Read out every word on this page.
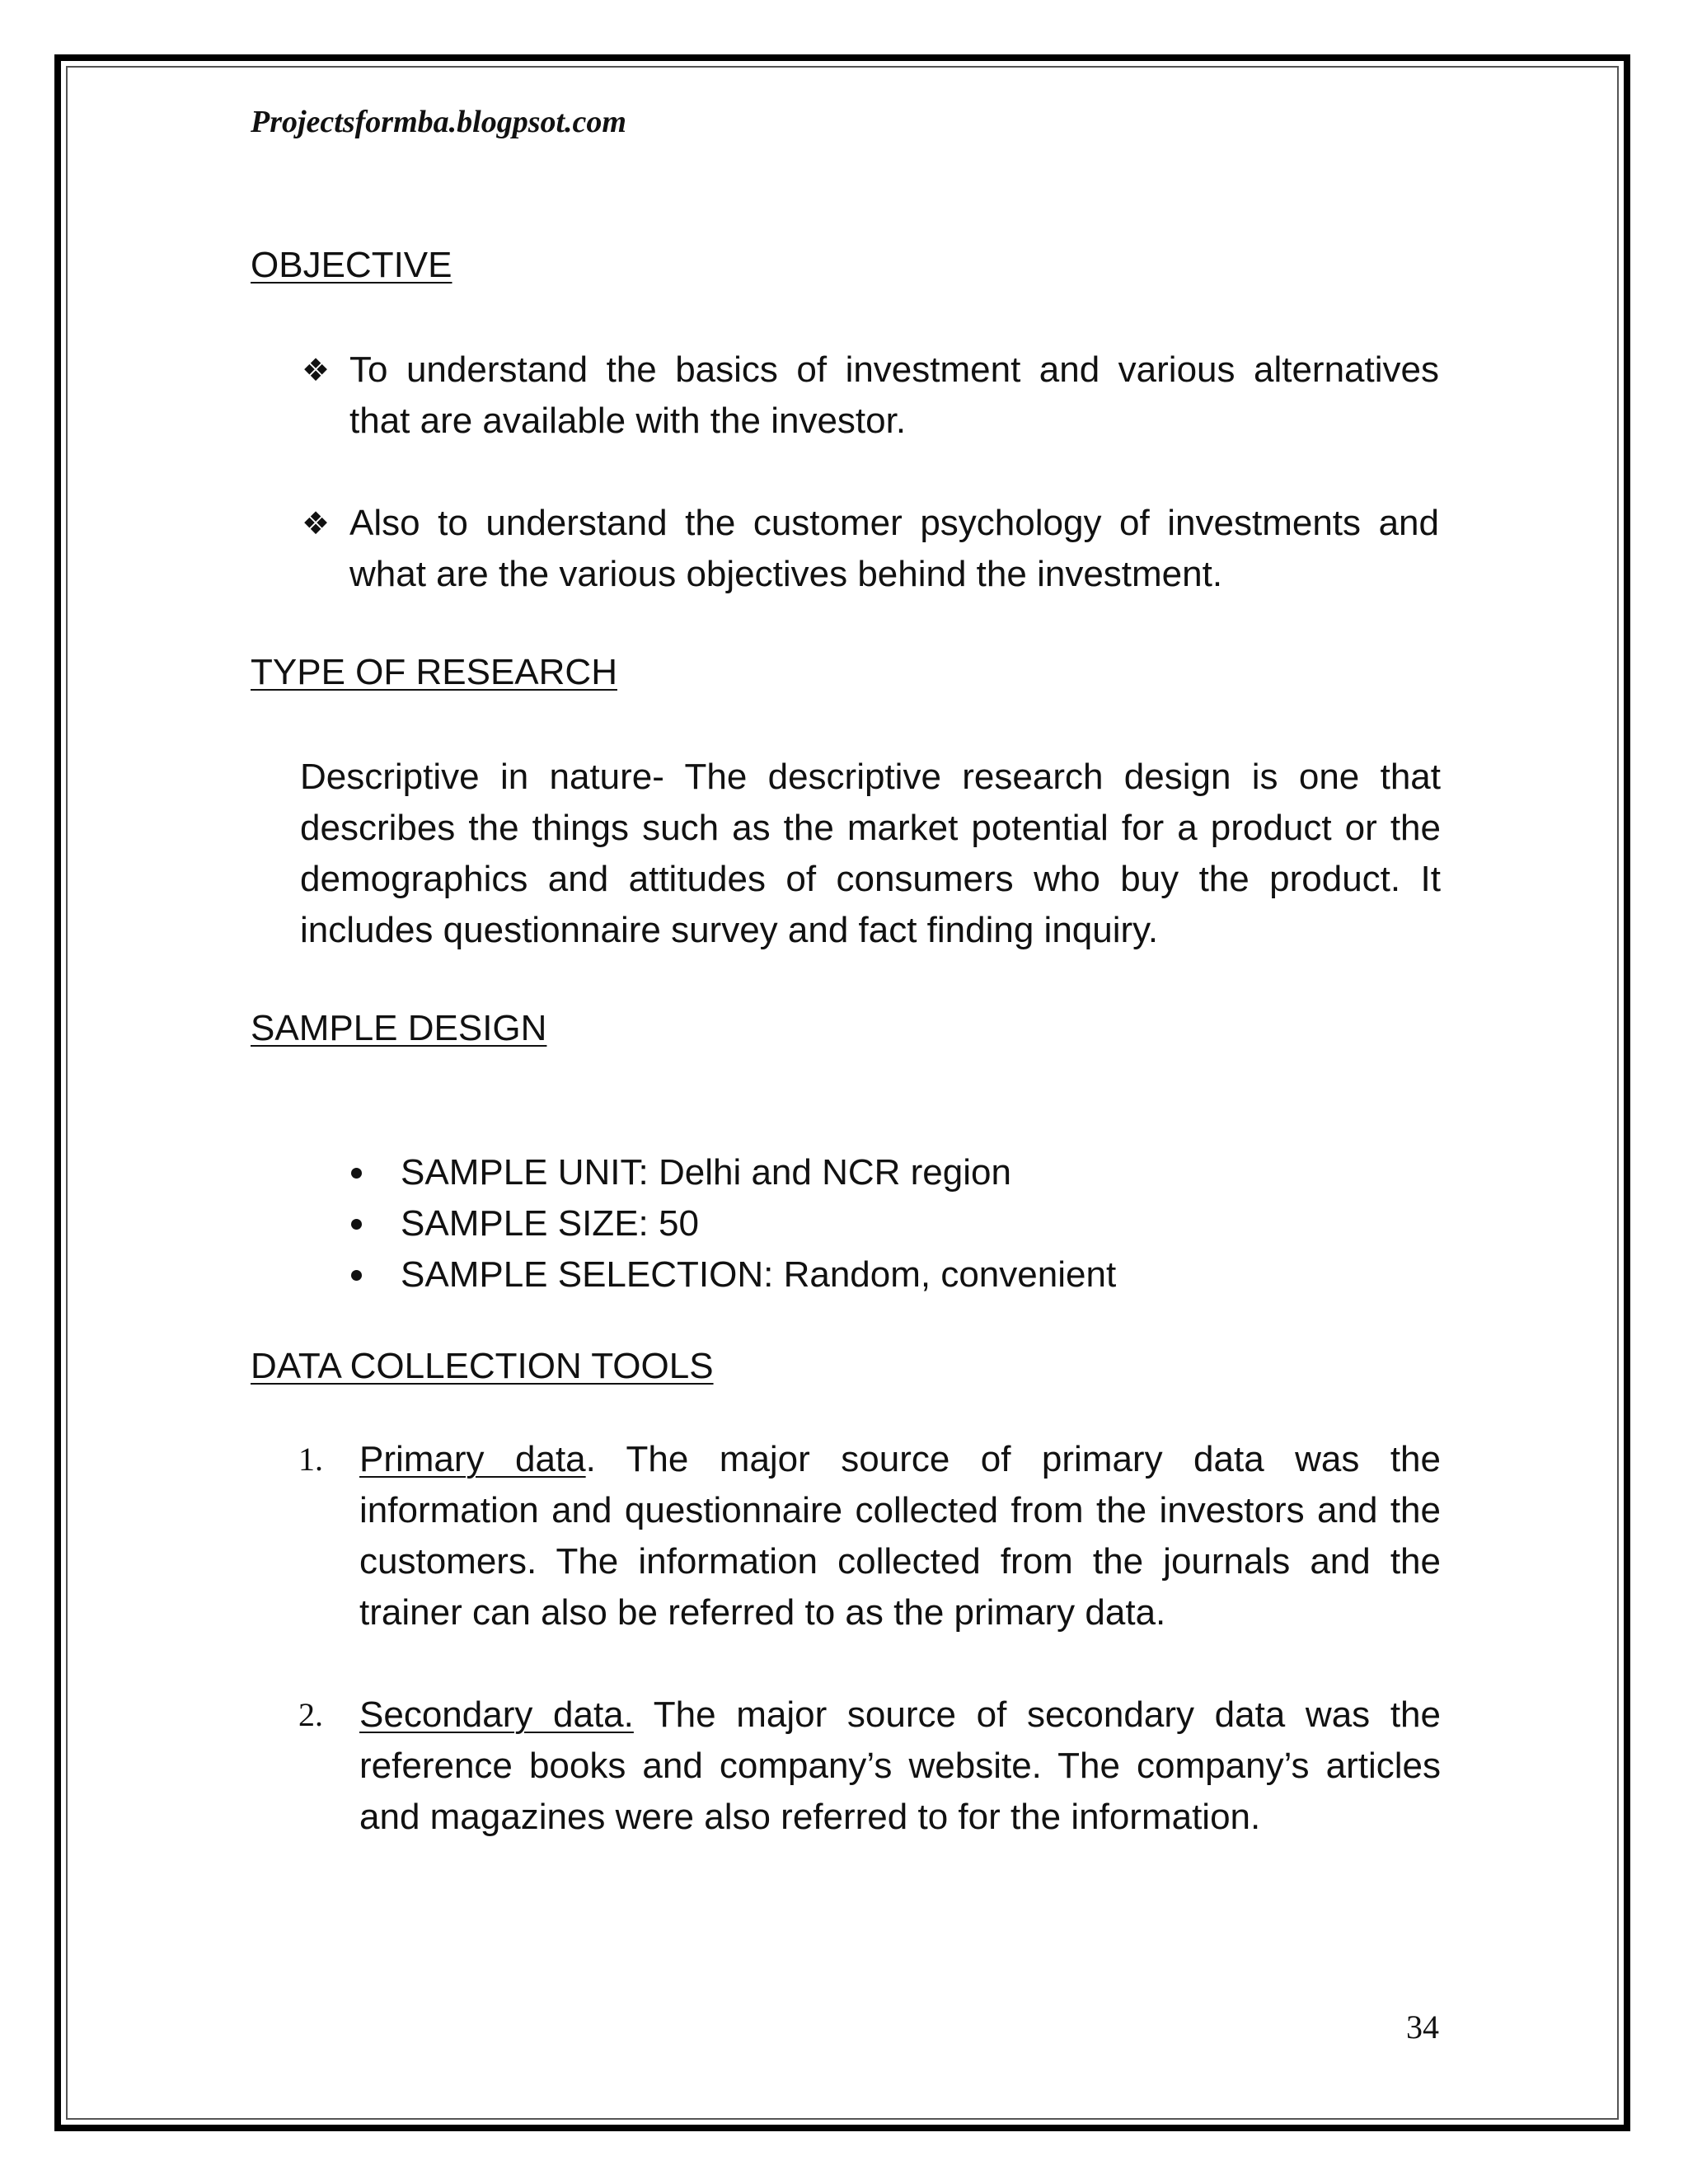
Projectsformba.blogpsot.com

OBJECTIVE
❖ To understand the basics of investment and various alternatives that are available with the investor.
❖ Also to understand the customer psychology of investments and what are the various objectives behind the investment.
TYPE OF RESEARCH

Descriptive in nature- The descriptive research design is one that describes the things such as the market potential for a product or the demographics and attitudes of consumers who buy the product. It includes questionnaire survey and fact finding inquiry.

SAMPLE DESIGN
SAMPLE UNIT: Delhi and NCR region
SAMPLE SIZE: 50
SAMPLE SELECTION: Random, convenient
DATA COLLECTION TOOLS
1. Primary data. The major source of primary data was the information and questionnaire collected from the investors and the customers. The information collected from the journals and the trainer can also be referred to as the primary data.
2. Secondary data. The major source of secondary data was the reference books and company’s website. The company’s articles and magazines were also referred to for the information.
34
